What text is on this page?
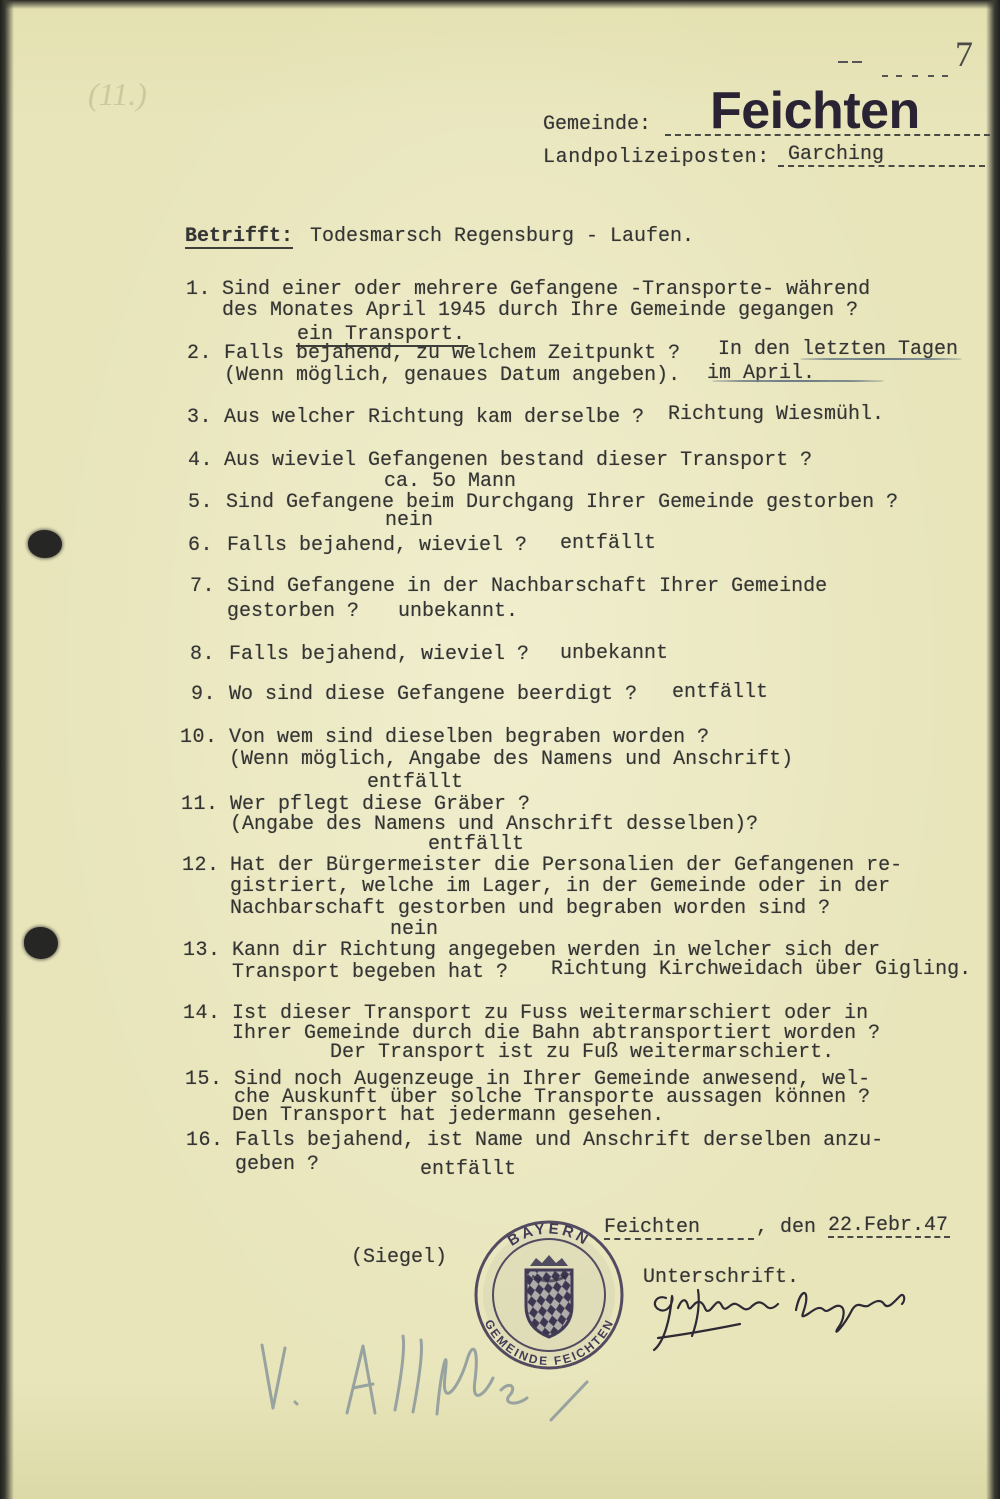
7
(11.)
Gemeinde: Feichten
Landpolizeiposten: Garching
Betrifft: Todesmarsch Regensburg - Laufen.
1. Sind einer oder mehrere Gefangene -Transporte- während
des Monates April 1945 durch Ihre Gemeinde gegangen ?
ein Transport.
2. Falls bejahend, zu welchem Zeitpunkt ?
(Wenn möglich, genaues Datum angeben).
In den letzten Tagen
im April.
3. Aus welcher Richtung kam derselbe ? Richtung Wiesmühl.
4. Aus wieviel Gefangenen bestand dieser Transport ?
ca. 5o Mann
5. Sind Gefangene beim Durchgang Ihrer Gemeinde gestorben ?
nein
6. Falls bejahend, wieviel ? entfällt
7. Sind Gefangene in der Nachbarschaft Ihrer Gemeinde
gestorben ? unbekannt.
8. Falls bejahend, wieviel ? unbekannt
9. Wo sind diese Gefangene beerdigt ? entfällt
10. Von wem sind dieselben begraben worden ?
(Wenn möglich, Angabe des Namens und Anschrift)
entfällt
11. Wer pflegt diese Gräber ?
(Angabe des Namens und Anschrift desselben)?
entfällt
12. Hat der Bürgermeister die Personalien der Gefangenen re-
gistriert, welche im Lager, in der Gemeinde oder in der
Nachbarschaft gestorben und begraben worden sind ?
nein
13. Kann dir Richtung angegeben werden in welcher sich der
Transport begeben hat ? Richtung Kirchweidach über Gigling.
14. Ist dieser Transport zu Fuss weitermarschiert oder in
Ihrer Gemeinde durch die Bahn abtransportiert worden ?
Der Transport ist zu Fuß weitermarschiert.
15. Sind noch Augenzeuge in Ihrer Gemeinde anwesend, wel-
che Auskunft über solche Transporte aussagen können ?
Den Transport hat jedermann gesehen.
16. Falls bejahend, ist Name und Anschrift derselben anzu-
geben ?	entfällt
Feichten	, den 22.Febr.47
(Siegel)
Unterschrift.
BAYERN
GEMEINDE FEICHTEN
